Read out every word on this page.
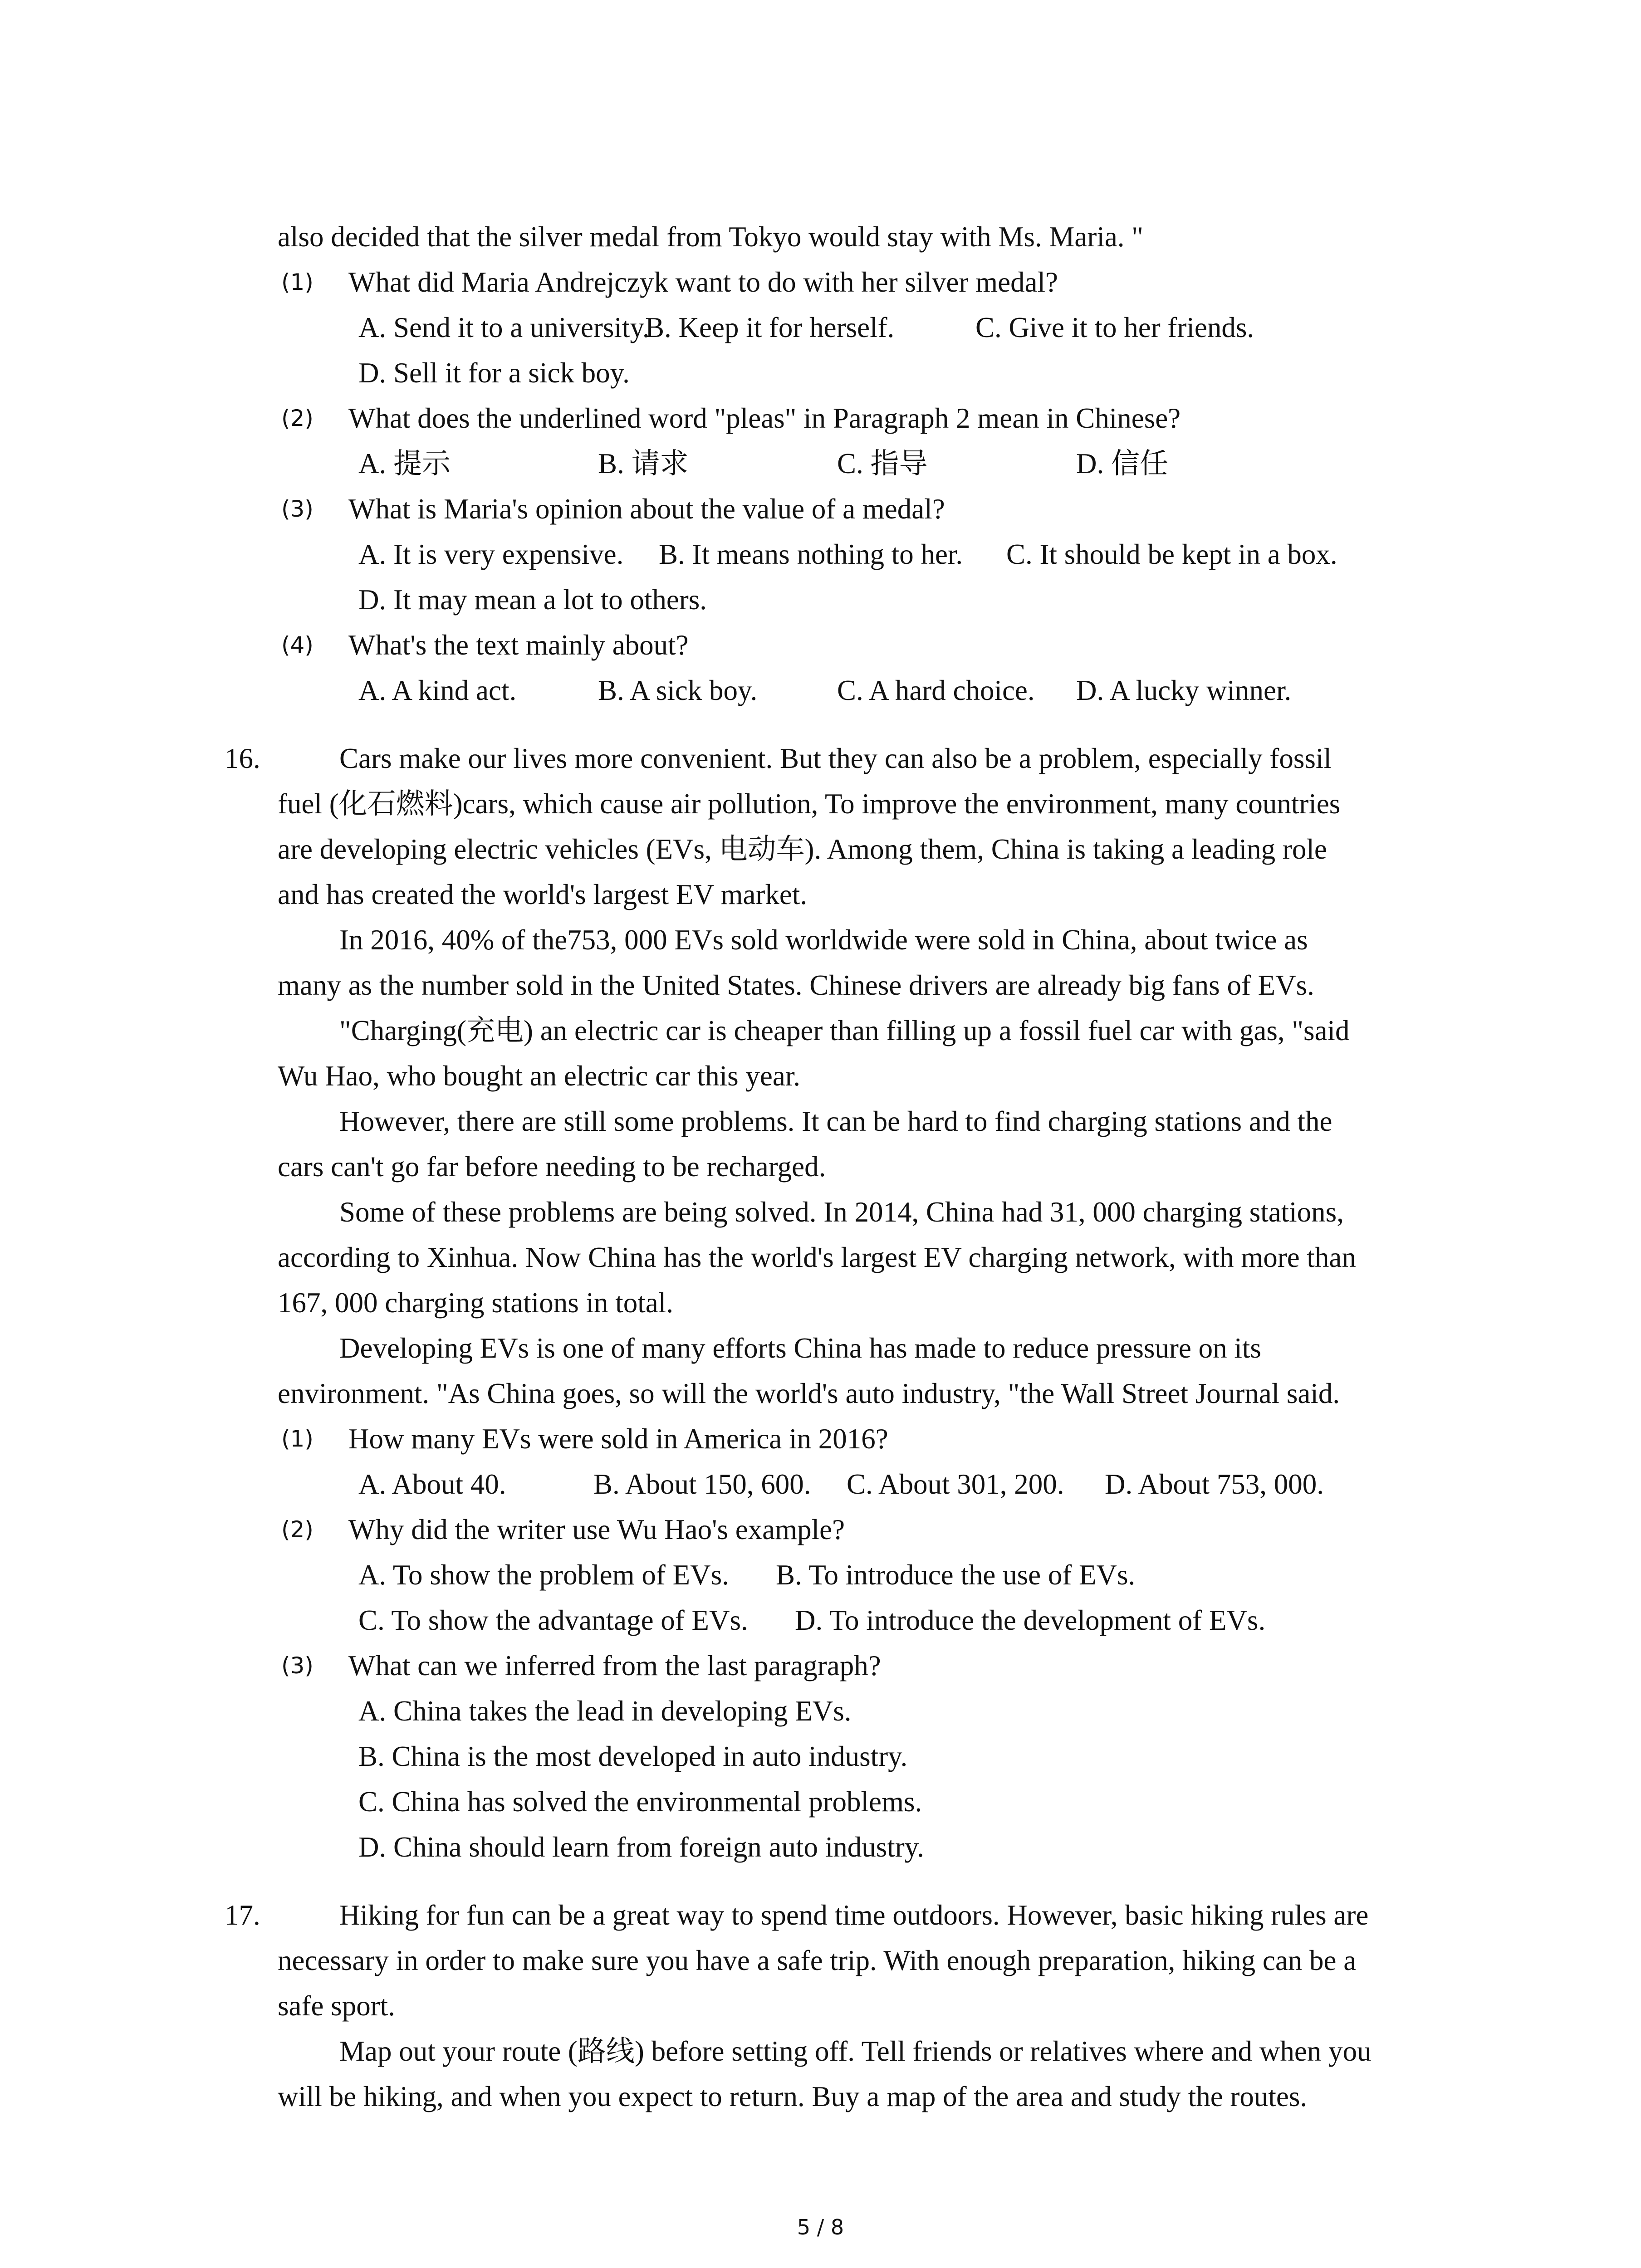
also decided that the silver medal from Tokyo would stay with Ms. Maria. "
(1) What did Maria Andrejczyk want to do with her silver medal?
A. Send it to a university.
B. Keep it for herself.	C. Give it to her friends.
D. Sell it for a sick boy.
(2) What does the underlined word "pleas" in Paragraph 2 mean in Chinese?
A. 提示	B. 请求	C. 指导	D. 信任
(3) What is Maria's opinion about the value of a medal?
A. It is very expensive. B. It means nothing to her. C. It should be kept in a box.
D. It may mean a lot to others.
(4) What's the text mainly about?
A. A kind act.	B. A sick boy.	C. A hard choice. D. A lucky winner.
16.	Cars make our lives more convenient. But they can also be a problem, especially fossil
fuel (化石燃料)cars, which cause air pollution, To improve the environment, many countries
are developing electric vehicles (EVs, 电动车). Among them, China is taking a leading role
and has created the world's largest EV market.
In 2016, 40% of the753, 000 EVs sold worldwide were sold in China, about twice as
many as the number sold in the United States. Chinese drivers are already big fans of EVs.
"Charging(充电) an electric car is cheaper than filling up a fossil fuel car with gas, "said
Wu Hao, who bought an electric car this year.
However, there are still some problems. It can be hard to find charging stations and the
cars can't go far before needing to be recharged.
Some of these problems are being solved. In 2014, China had 31, 000 charging stations,
according to Xinhua. Now China has the world's largest EV charging network, with more than
167, 000 charging stations in total.
Developing EVs is one of many efforts China has made to reduce pressure on its
environment. "As China goes, so will the world's auto industry, "the Wall Street Journal said.
(1) How many EVs were sold in America in 2016?
A. About 40.	B. About 150, 600. C. About 301, 200. D. About 753, 000.
(2) Why did the writer use Wu Hao's example?
A. To show the problem of EVs. B. To introduce the use of EVs.
C. To show the advantage of EVs. D. To introduce the development of EVs.
(3) What can we inferred from the last paragraph?
A. China takes the lead in developing EVs.
B. China is the most developed in auto industry.
C. China has solved the environmental problems.
D. China should learn from foreign auto industry.
17.	Hiking for fun can be a great way to spend time outdoors. However, basic hiking rules are
necessary in order to make sure you have a safe trip. With enough preparation, hiking can be a
safe sport.
Map out your route (路线) before setting off. Tell friends or relatives where and when you
will be hiking, and when you expect to return. Buy a map of the area and study the routes.
5 / 8
